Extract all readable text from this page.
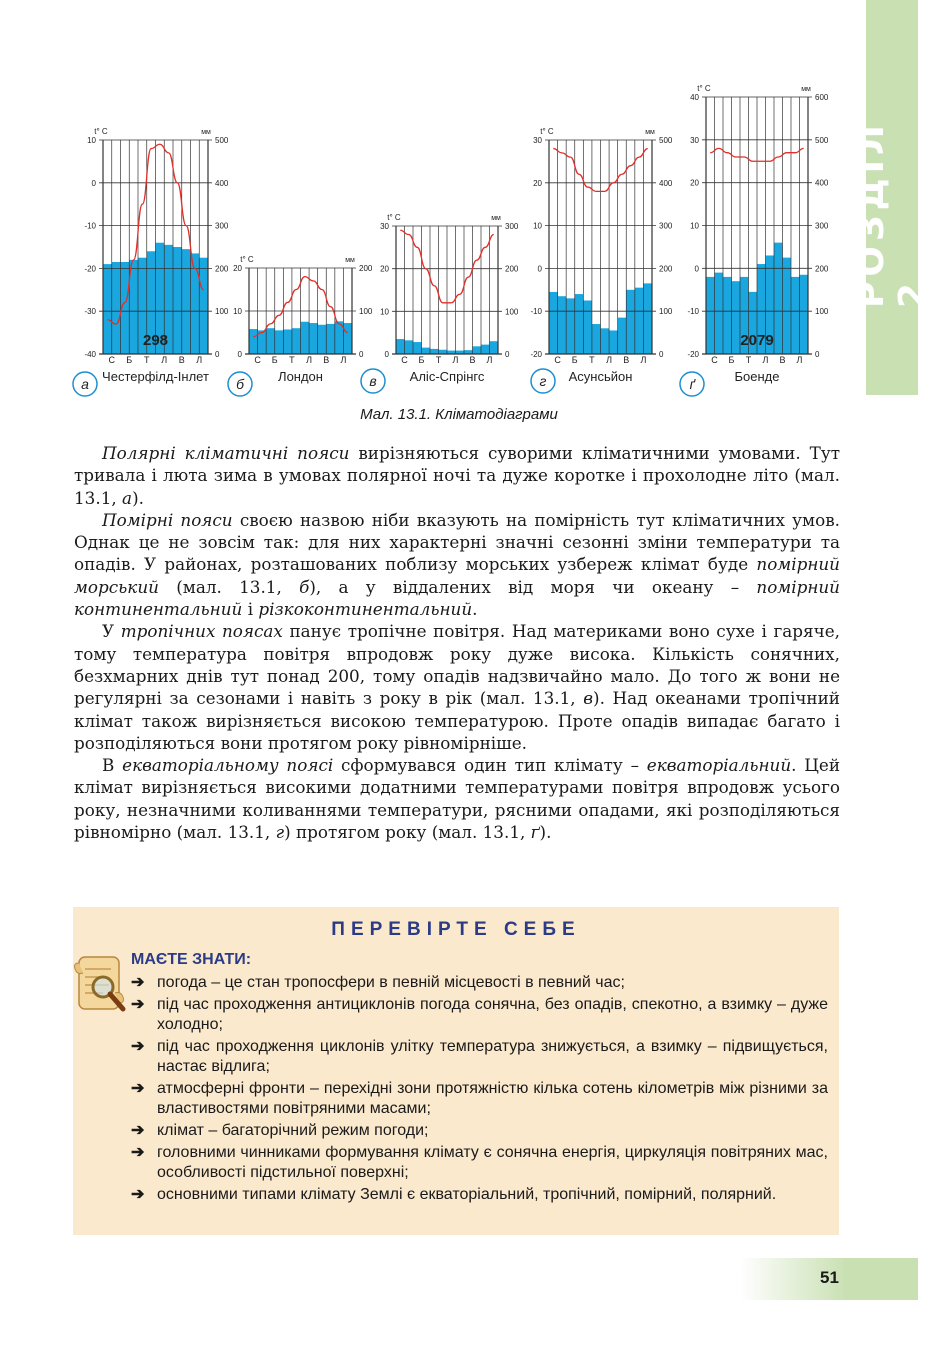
РОЗДІЛ 2
10
0
-10
-20
-30
-40
500
400
300
200
100
0
t° C	мм
С Б Т Л В Л
298
Честерфілд-Інлет
а
20
10
0
200
100
0
t° C	мм
С Б Т Л В Л
Лондон
б
30
20
10
0
300
200
100
0
t° C	мм
С Б Т Л В Л
Аліс-Спрінгс
в
30
20
10
0
-10
-20
500
400
300
200
100
0
t° C	мм
С Б Т Л В Л
Асунсьйон
г
40
30
20
10
0
-10
-20
600
500
400
300
200
100
0
t° C	мм
С Б Т Л В Л
2079
Боенде
ґ
Мал. 13.1. Кліматодіаграми

Полярні кліматичні пояси вирізняються суворими кліматичними умовами. Тут тривала і люта зима в умовах полярної ночі та дуже коротке і прохолодне літо (мал. 13.1, а).

Помірні пояси своєю назвою ніби вказують на помірність тут кліматичних умов. Однак це не зовсім так: для них характерні значні сезонні зміни температури та опадів. У районах, розташованих поблизу морських узбереж клімат буде помірний морський (мал. 13.1, б), а у віддалених від моря чи океану – помірний континентальний і різкоконтинентальний.

У тропічних поясах панує тропічне повітря. Над материками воно сухе і гаряче, тому температура повітря впродовж року дуже висока. Кількість сонячних, безхмарних днів тут понад 200, тому опадів надзвичайно мало. До того ж вони не регулярні за сезонами і навіть з року в рік (мал. 13.1, в). Над океанами тропічний клімат також вирізняється високою температурою. Проте опадів випадає багато і розподіляються вони протягом року рівномірніше.

В екваторіальному поясі сформувався один тип клімату – екваторіальний. Цей клімат вирізняється високими додатними температурами повітря впродовж усього року, незначними коливаннями температури, рясними опадами, які розподіляються рівномірно (мал. 13.1, г) протягом року (мал. 13.1, ґ).

ПЕРЕВІРТЕ СЕБЕ
МАЄТЕ ЗНАТИ:
➔ погода – це стан тропосфери в певній місцевості в певний час;
➔ під час проходження антициклонів погода сонячна, без опадів, спекотно, а взимку – дуже холодно;
➔ під час проходження циклонів улітку температура знижується, а взимку – підвищується, настає відлига;
➔ атмосферні фронти – перехідні зони протяжністю кілька сотень кілометрів між різними за властивостями повітряними масами;
➔ клімат – багаторічний режим погоди;
➔ головними чинниками формування клімату є сонячна енергія, циркуляція повітряних мас, особливості підстильної поверхні;
➔ основними типами клімату Землі є екваторіальний, тропічний, помірний, полярний.
51
